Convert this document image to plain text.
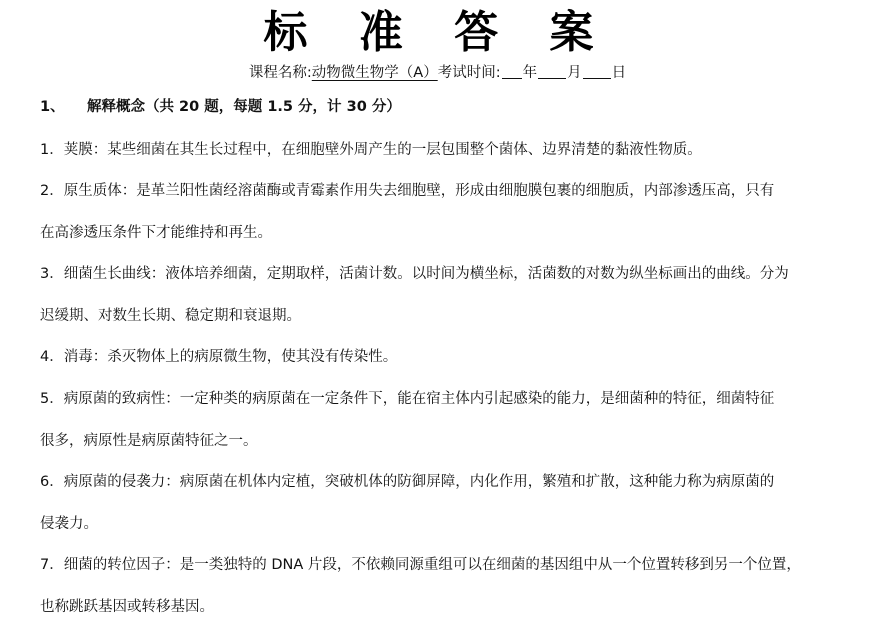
标 准 答 案
课程名称:动物微生物学（A）考试时间: 年 月 日
1、 解释概念（共 20 题，每题 1.5 分，计 30 分）
1．荚膜：某些细菌在其生长过程中，在细胞壁外周产生的一层包围整个菌体、边界清楚的黏液性物质。
2．原生质体：是革兰阳性菌经溶菌酶或青霉素作用失去细胞壁，形成由细胞膜包裹的细胞质，内部渗透压高，只有
在高渗透压条件下才能维持和再生。
3．细菌生长曲线：液体培养细菌，定期取样，活菌计数。以时间为横坐标，活菌数的对数为纵坐标画出的曲线。分为
迟缓期、对数生长期、稳定期和衰退期。
4．消毒：杀灭物体上的病原微生物，使其没有传染性。
5．病原菌的致病性：一定种类的病原菌在一定条件下，能在宿主体内引起感染的能力，是细菌种的特征，细菌特征
很多，病原性是病原菌特征之一。
6．病原菌的侵袭力：病原菌在机体内定植，突破机体的防御屏障，内化作用，繁殖和扩散，这种能力称为病原菌的
侵袭力。
7．细菌的转位因子：是一类独特的 DNA 片段，不依赖同源重组可以在细菌的基因组中从一个位置转移到另一个位置，
也称跳跃基因或转移基因。
